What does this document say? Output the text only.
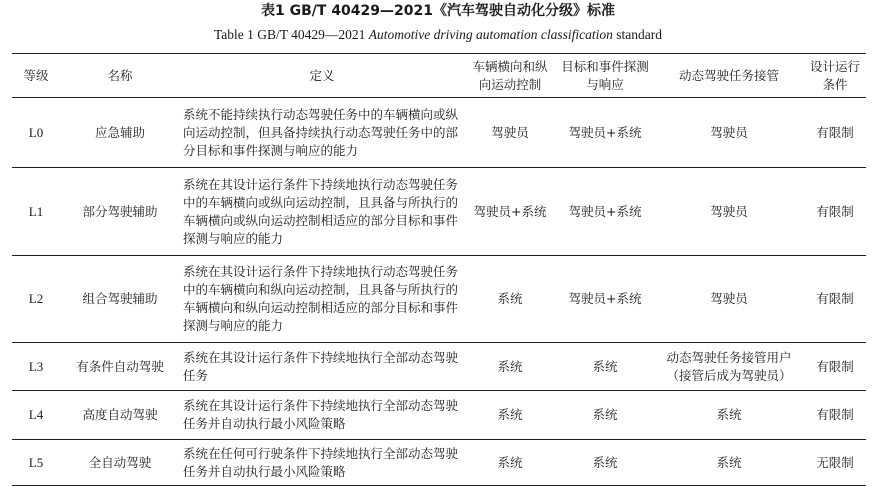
表1 GB/T 40429—2021《汽车驾驶自动化分级》标准
Table 1 GB/T 40429—2021 Automotive driving automation classification standard
等级	名称	定义	车辆横向和纵向运动控制	目标和事件探测与响应	动态驾驶任务接管	设计运行条件
L0	应急辅助	系统不能持续执行动态驾驶任务中的车辆横向或纵向运动控制，但具备持续执行动态驾驶任务中的部分目标和事件探测与响应的能力	驾驶员	驾驶员+系统	驾驶员	有限制
L1	部分驾驶辅助	系统在其设计运行条件下持续地执行动态驾驶任务中的车辆横向或纵向运动控制，且具备与所执行的车辆横向或纵向运动控制相适应的部分目标和事件探测与响应的能力	驾驶员+系统	驾驶员+系统	驾驶员	有限制
L2	组合驾驶辅助	系统在其设计运行条件下持续地执行动态驾驶任务中的车辆横向和纵向运动控制，且具备与所执行的车辆横向和纵向运动控制相适应的部分目标和事件探测与响应的能力	系统	驾驶员+系统	驾驶员	有限制
L3	有条件自动驾驶	系统在其设计运行条件下持续地执行全部动态驾驶任务	系统	系统	动态驾驶任务接管用户（接管后成为驾驶员）	有限制
L4	高度自动驾驶	系统在其设计运行条件下持续地执行全部动态驾驶任务并自动执行最小风险策略	系统	系统	系统	有限制
L5	全自动驾驶	系统在任何可行驶条件下持续地执行全部动态驾驶任务并自动执行最小风险策略	系统	系统	系统	无限制
